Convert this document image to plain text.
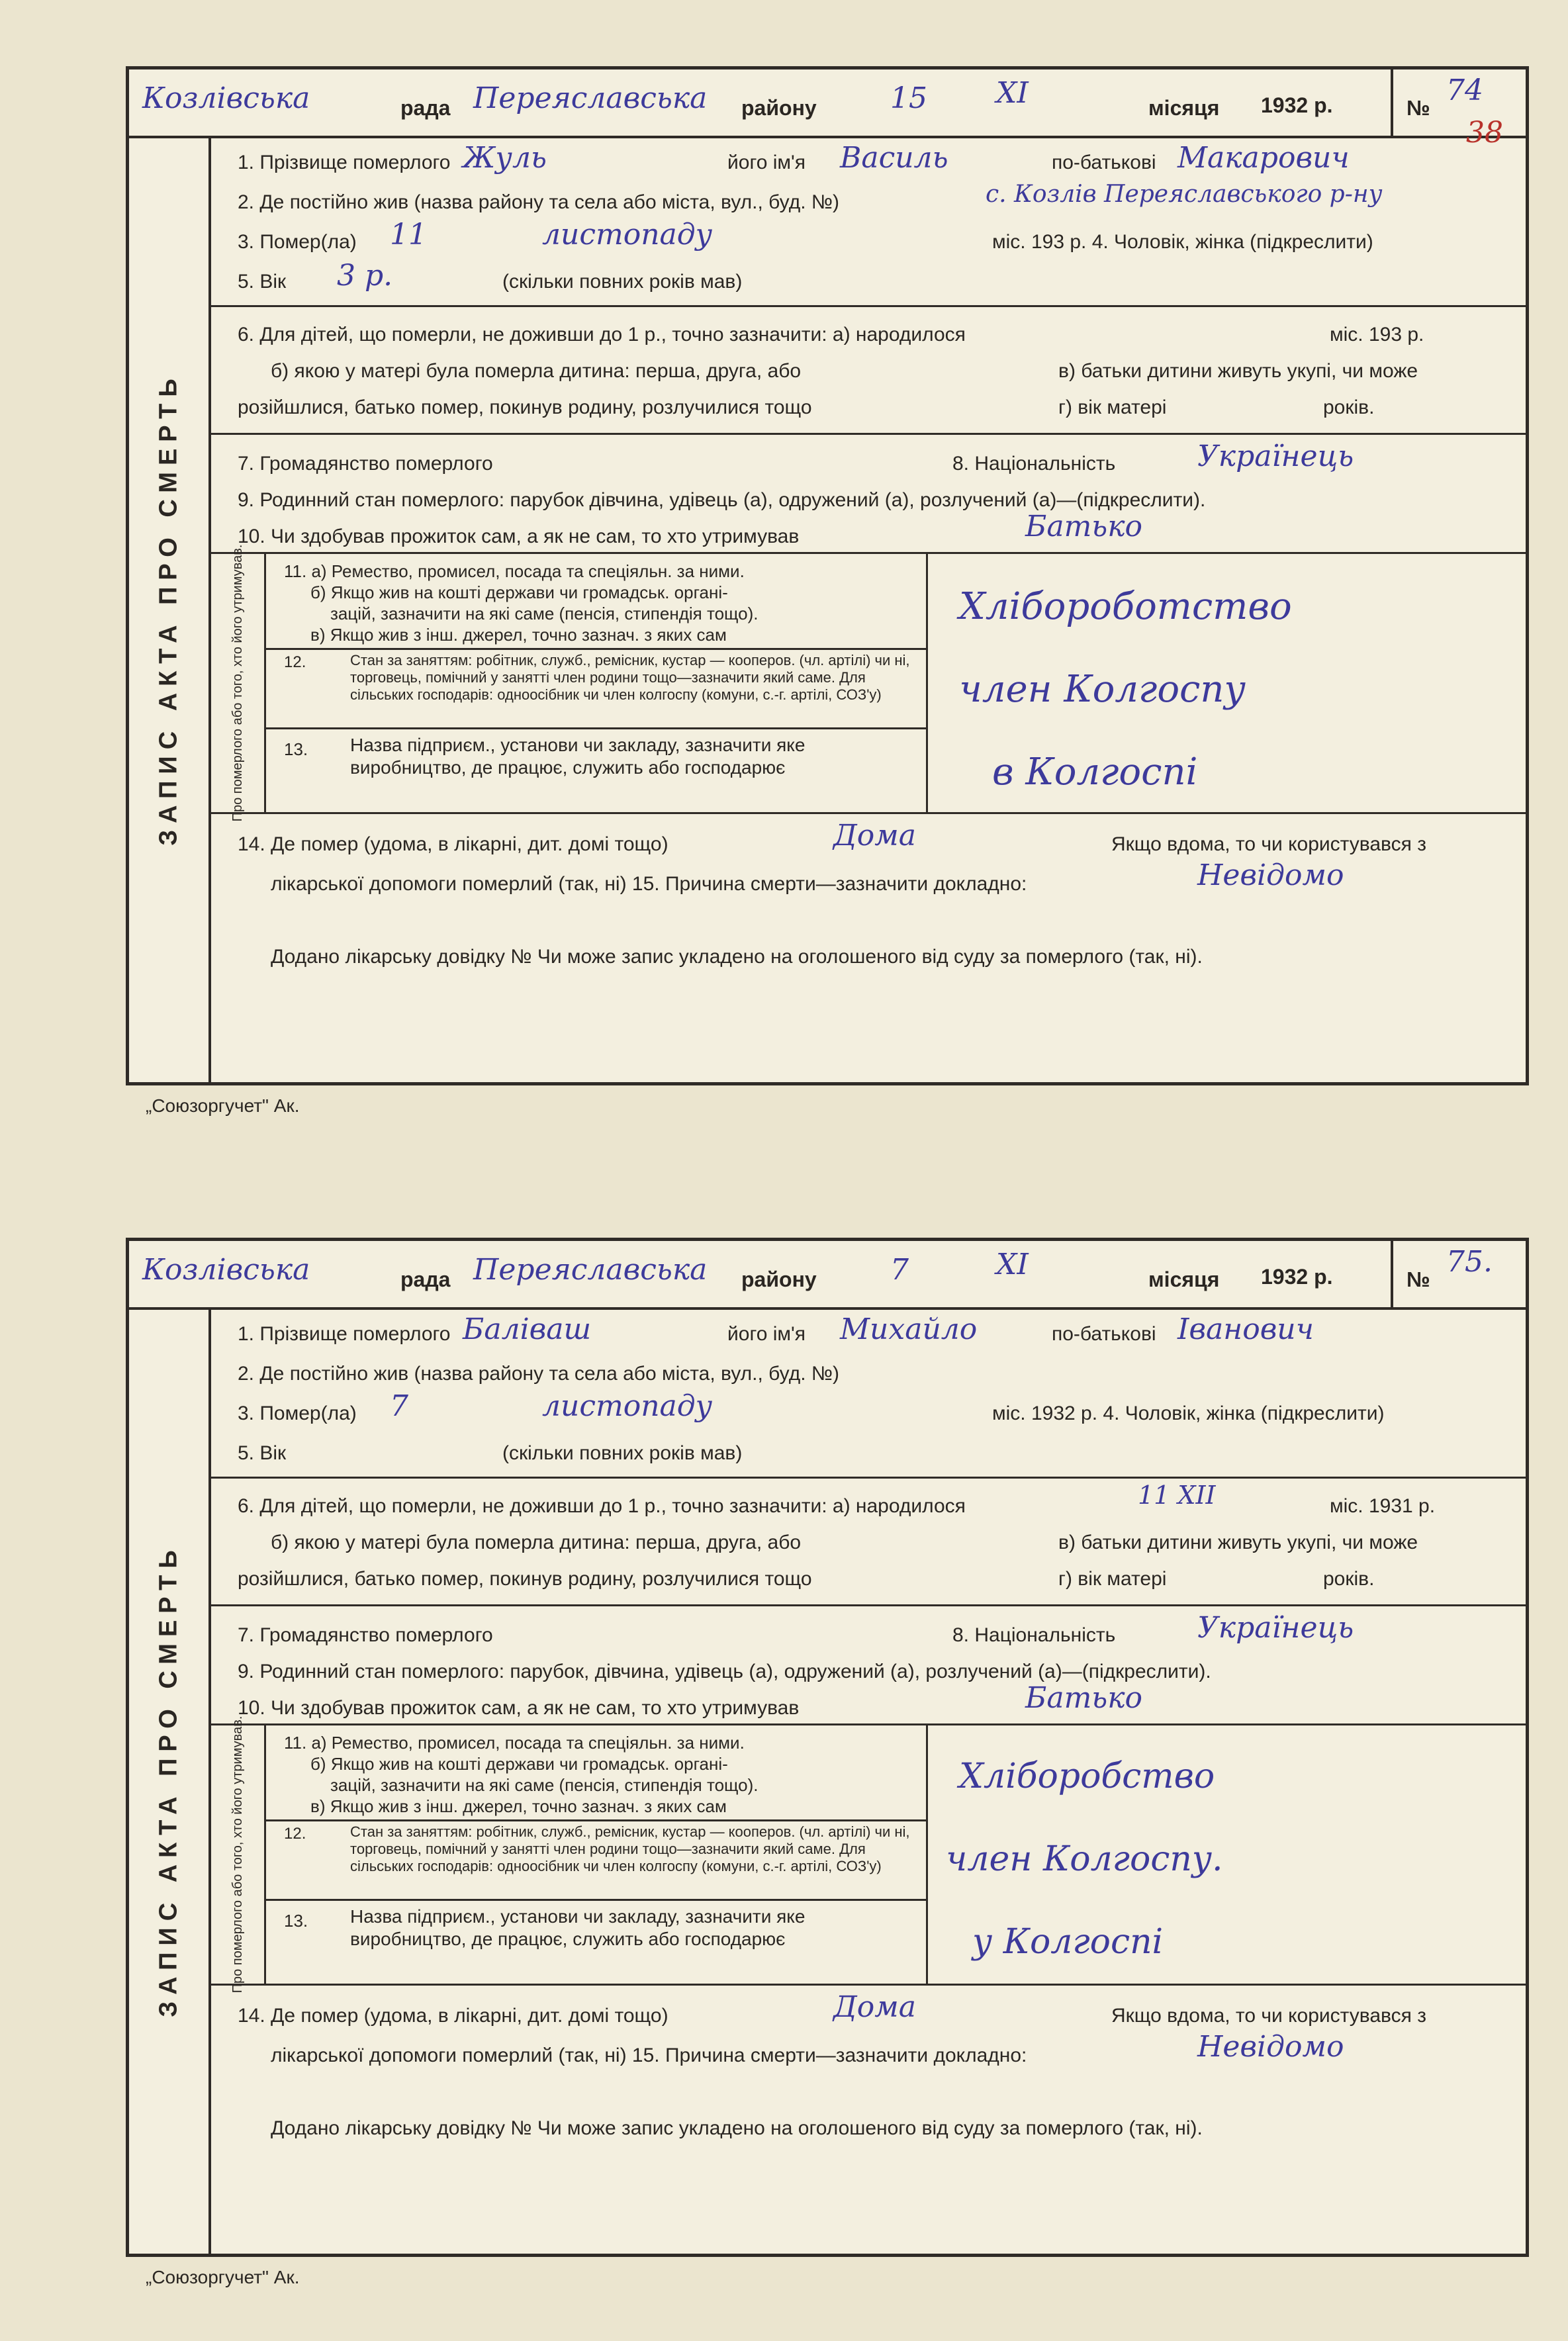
Козлівська	рада Переяславська району	15 XI	місяця 1932 р.	№
74
38
ЗАПИС АКТА ПРО СМЕРТЬ
1. Прізвище померлого Жуль	його ім'я Василь	по-батькові Макарович
2. Де постійно жив (назва району та села або міста, вул., буд. №)	с. Козлів Переяславського р-ну
3. Помер(ла) 11	листопаду	міс. 193 р. 4. Чоловік, жінка (підкреслити)
5. Вік 3 р.	(скільки повних років мав)
6. Для дітей, що померли, не доживши до 1 р., точно зазначити: а) народилося	міс. 193 р.
б) якою у матері була померла дитина: перша, друга, або	в) батьки дитини живуть укупі, чи може
розійшлися, батько помер, покинув родину, розлучилися тощо	г) вік матері	років.
7. Громадянство померлого	8. Національність	Українець
9. Родинний стан померлого: парубок дівчина, удівець (а), одружений (а), розлучений (а)—(підкреслити).
10. Чи здобував прожиток сам, а як не сам, то хто утримував	Батько
Про померлого або того, хто його утримував. 11. а) Ремество, промисел, посада та спеціяльн. за ними.
б) Якщо жив на коштi держави чи громадськ. органі-
зацій, зазначити на які саме (пенсія, стипендія тощо).
в) Якщо жив з інш. джерел, точно зазнач. з яких сам
12.	Стан за заняттям: робітник, служб., ремісник, кустар — кооперов. (чл. артілі) чи ні, торговець, помічний у занятті член родини тощо—зазначити який саме. Для сільських господарів: одноосібник чи член колгоспу (комуни, с.-г. артілі, СОЗ'у)
13. Назва підприєм., установи чи закладу, зазначити яке виробництво, де працює, служить або господарює
Хлібороботство
член Колгоспу
в Колгоспі
14. Де помер (удома, в лікарні, дит. домі тощо)	Дома	Якщо вдома, то чи користувався з
лікарської допомоги померлий (так, ні) 15. Причина смерти—зазначити докладно:	Невідомо
Додано лікарську довідку № Чи може запис укладено на оголошеного від суду за померлого (так, ні).
„Союзоргучет" Ак.
Козлівська	рада Переяславська району	7	XI	місяця 1932 р.	№
75.
ЗАПИС АКТА ПРО СМЕРТЬ
1. Прізвище померлого Баліваш	його ім'я Михайло	по-батькові Іванович
2. Де постійно жив (назва району та села або міста, вул., буд. №)
3. Помер(ла) 7	листопаду	міс. 1932 р. 4. Чоловік, жінка (підкреслити)
5. Вік	(скільки повних років мав)
6. Для дітей, що померли, не доживши до 1 р., точно зазначити: а) народилося	11 XII	міс. 1931 р.
б) якою у матері була померла дитина: перша, друга, або	в) батьки дитини живуть укупі, чи може
розійшлися, батько помер, покинув родину, розлучилися тощо	г) вік матері	років.
7. Громадянство померлого	8. Національність	Українець
9. Родинний стан померлого: парубок, дівчина, удівець (а), одружений (а), розлучений (а)—(підкреслити).
10. Чи здобував прожиток сам, а як не сам, то хто утримував	Батько
Про померлого або того, хто його утримував. 11. а) Ремество, промисел, посада та спеціяльн. за ними.
б) Якщо жив на коштi держави чи громадськ. органі-
зацій, зазначити на які саме (пенсія, стипендія тощо).
в) Якщо жив з інш. джерел, точно зазнач. з яких сам
12.	Стан за заняттям: робітник, служб., ремісник, кустар — кооперов. (чл. артілі) чи ні, торговець, помічний у занятті член родини тощо—зазначити який саме. Для сільських господарів: одноосібник чи член колгоспу (комуни, с.-г. артілі, СОЗ'у)
13. Назва підприєм., установи чи закладу, зазначити яке виробництво, де працює, служить або господарює
Хліборобство
член Колгоспу.
у Колгоспі
14. Де помер (удома, в лікарні, дит. домі тощо)	Дома	Якщо вдома, то чи користувався з
лікарської допомоги померлий (так, ні) 15. Причина смерти—зазначити докладно:	Невідомо
Додано лікарську довідку № Чи може запис укладено на оголошеного від суду за померлого (так, ні).
„Союзоргучет" Ак.
